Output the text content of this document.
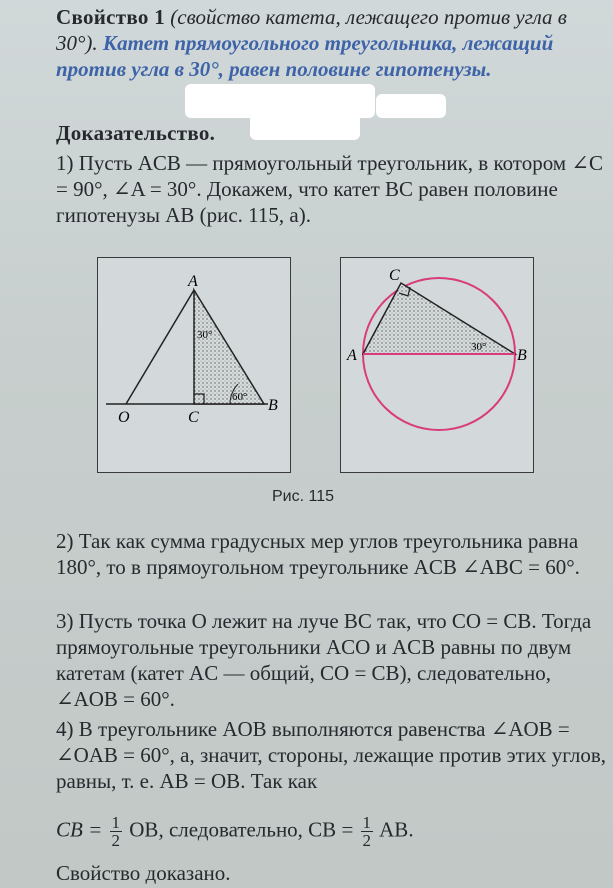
Свойство 1 (свойство катета, лежащего против угла в 30°). Катет прямоугольного треугольника, лежащий против угла в 30°, равен половине гипотенузы.
Доказательство.
1) Пусть ACB — прямоугольный треугольник, в котором ∠C = 90°, ∠A = 30°. Докажем, что катет BC равен половине гипотенузы AB (рис. 115, a).
A
O	C
B
30°
60°
C
A	B
30°
Рис. 115
2) Так как сумма градусных мер углов треугольника равна 180°, то в прямоугольном треугольнике ACB ∠ABC = 60°.
3) Пусть точка O лежит на луче BC так, что CO = CB. Тогда прямоугольные треугольники ACO и ACB равны по двум катетам (катет AC — общий, CO = CB), следовательно, ∠AOB = 60°.
4) В треугольнике AOB выполняются равенства ∠AOB = ∠OAB = 60°, а, значит, стороны, лежащие против этих углов, равны, т. е. AB = OB. Так как
CB = $\frac{1}{2}$ OB, следовательно, CB = $\frac{1}{2}$ AB.
Свойство доказано.
